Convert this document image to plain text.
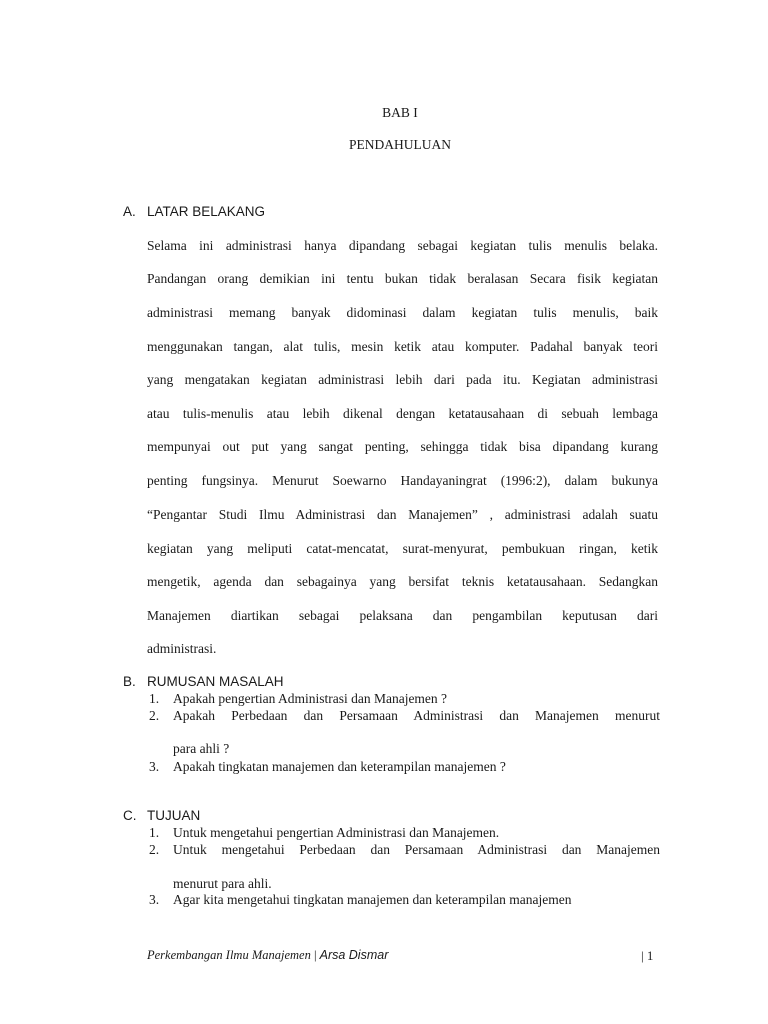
BAB I
PENDAHULUAN
A. LATAR BELAKANG
Selama ini administrasi hanya dipandang sebagai kegiatan tulis menulis belaka.
Pandangan orang demikian ini tentu bukan tidak beralasan Secara fisik kegiatan
administrasi memang banyak didominasi dalam kegiatan tulis menulis, baik
menggunakan tangan, alat tulis, mesin ketik atau komputer. Padahal banyak teori
yang mengatakan kegiatan administrasi lebih dari pada itu. Kegiatan administrasi
atau tulis-menulis atau lebih dikenal dengan ketatausahaan di sebuah lembaga
mempunyai out put yang sangat penting, sehingga tidak bisa dipandang kurang
penting fungsinya. Menurut Soewarno Handayaningrat (1996:2), dalam bukunya
“Pengantar Studi Ilmu Administrasi dan Manajemen” , administrasi adalah suatu
kegiatan yang meliputi catat-mencatat, surat-menyurat, pembukuan ringan, ketik
mengetik, agenda dan sebagainya yang bersifat teknis ketatausahaan. Sedangkan
Manajemen diartikan sebagai pelaksana dan pengambilan keputusan dari
administrasi.
B. RUMUSAN MASALAH
1. Apakah pengertian Administrasi dan Manajemen ?
2. Apakah Perbedaan dan Persamaan Administrasi dan Manajemen menurut
para ahli ?
3. Apakah tingkatan manajemen dan keterampilan manajemen ?
C. TUJUAN
1. Untuk mengetahui pengertian Administrasi dan Manajemen.
2. Untuk mengetahui Perbedaan dan Persamaan Administrasi dan Manajemen
menurut para ahli.
3. Agar kita mengetahui tingkatan manajemen dan keterampilan manajemen
Perkembangan Ilmu Manajemen | Arsa Dismar	| 1
